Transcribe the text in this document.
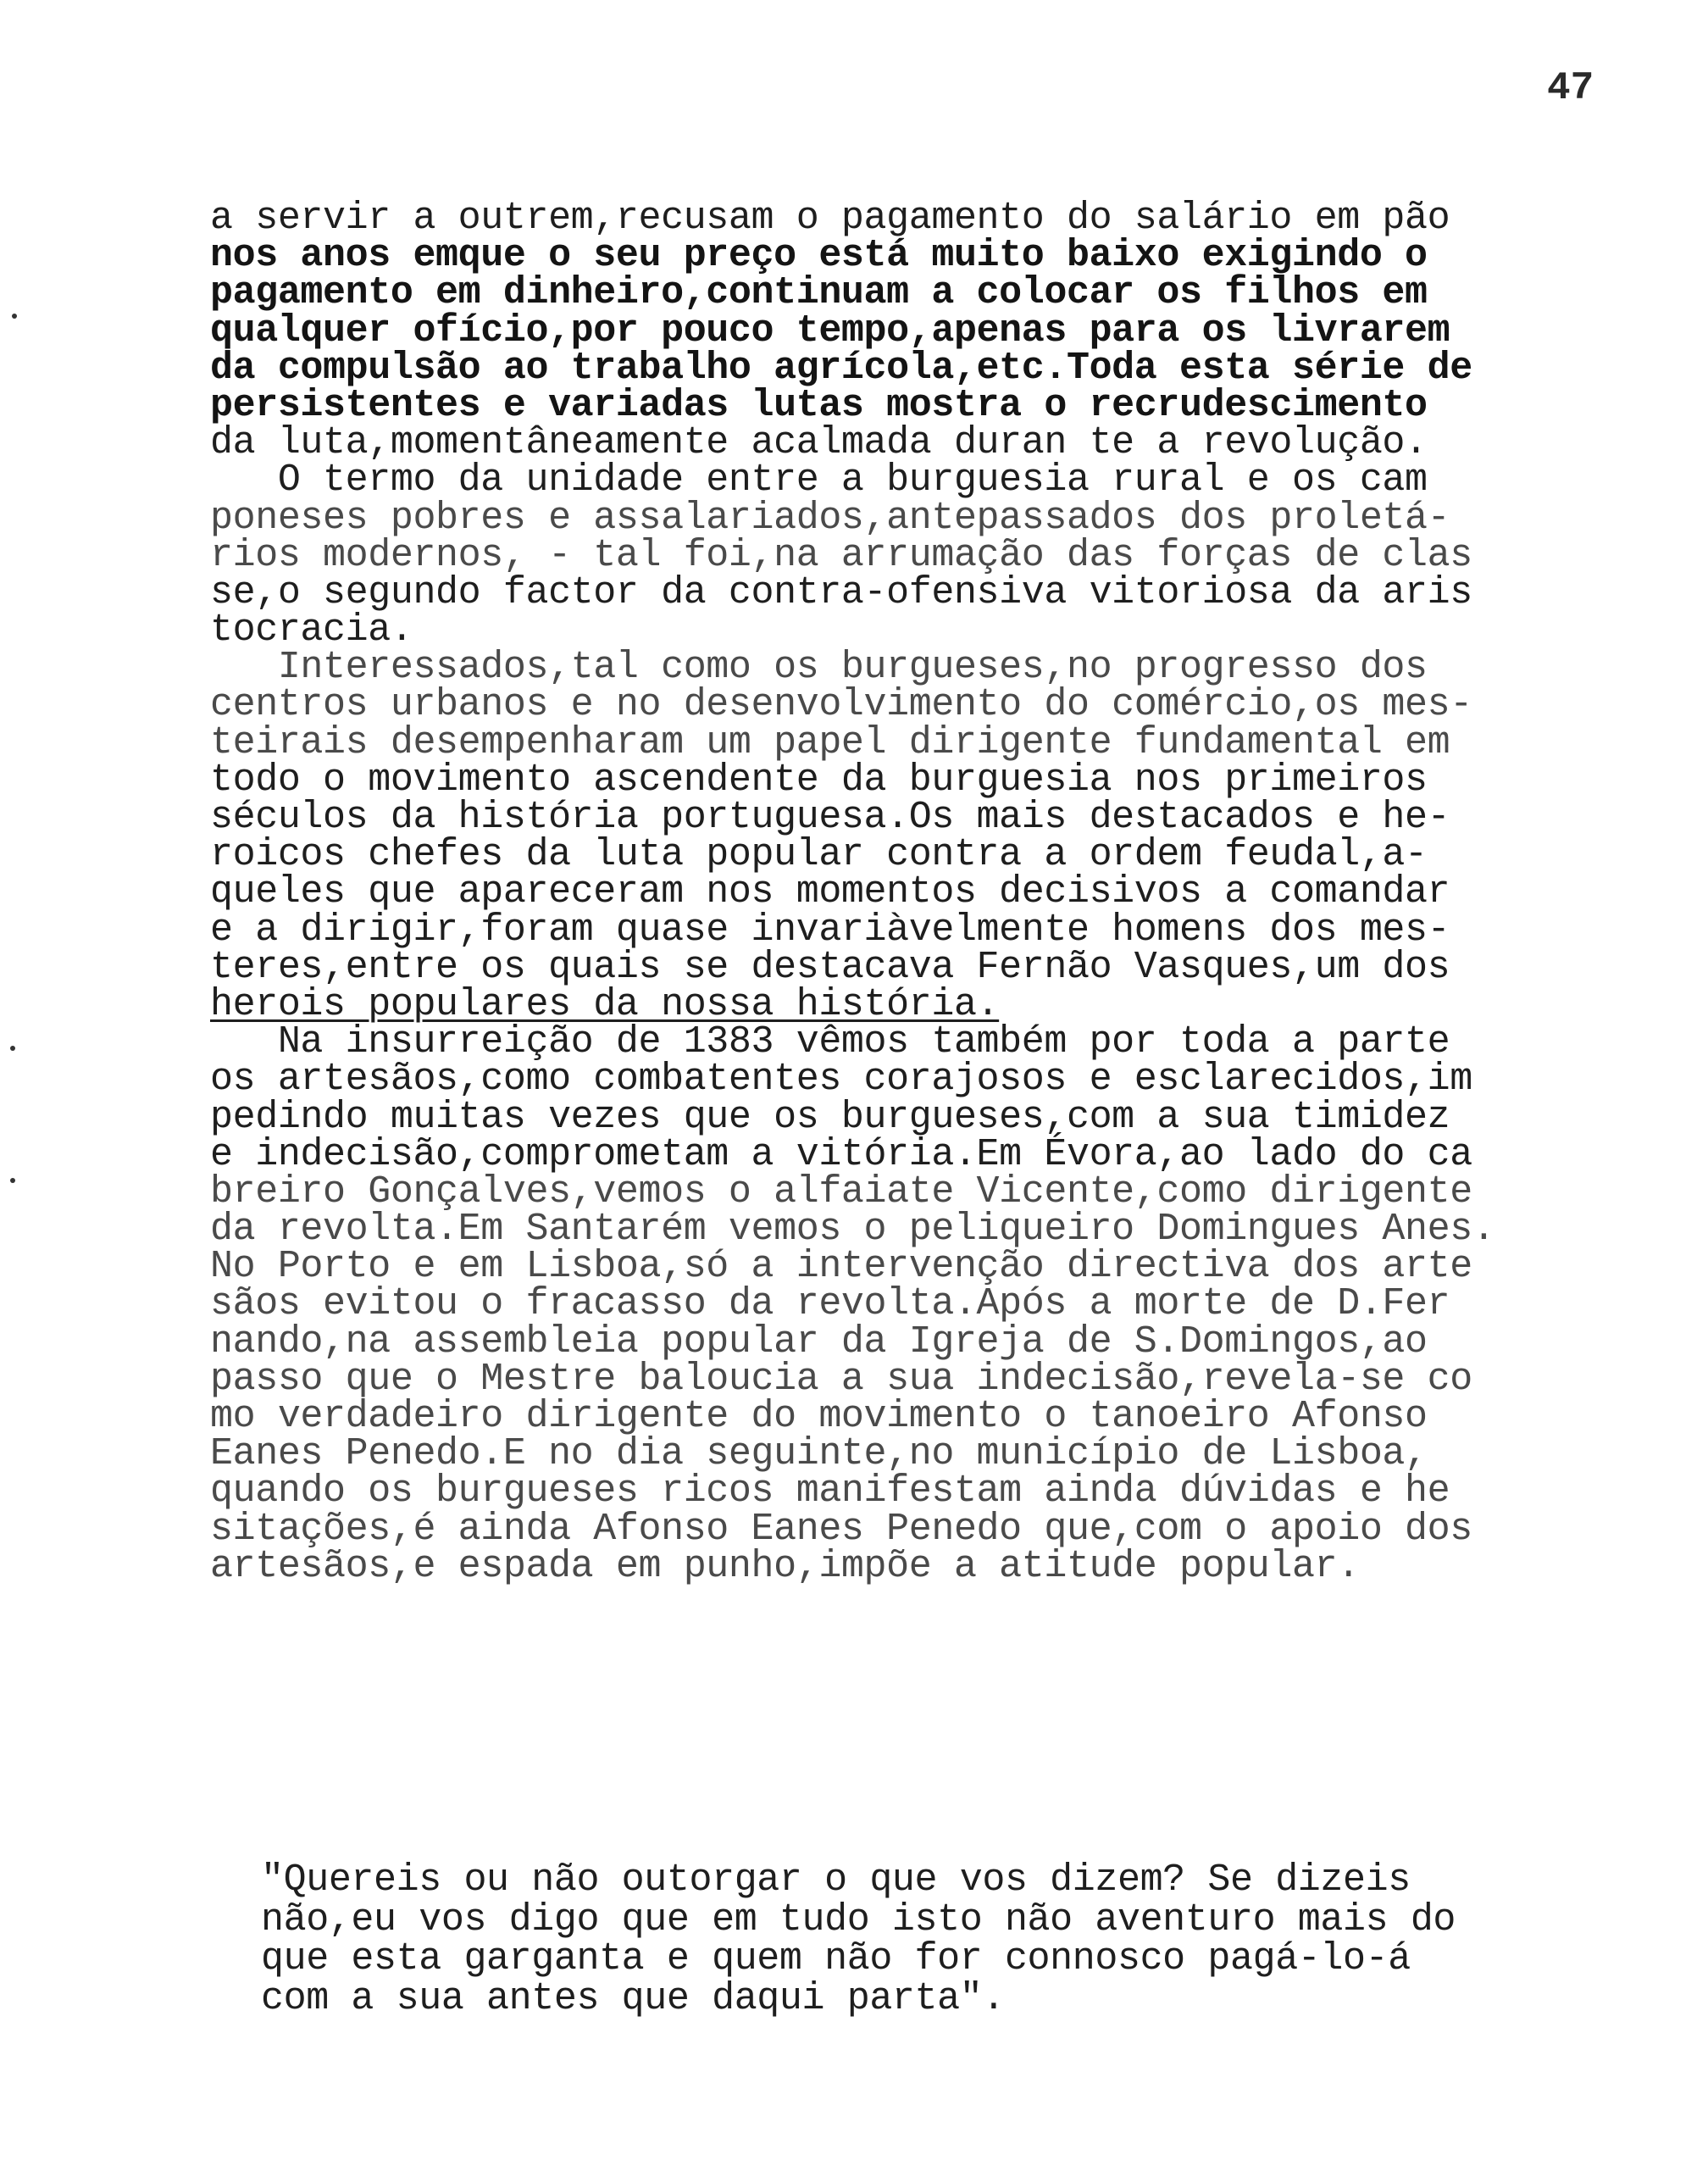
47
a servir a outrem,recusam o pagamento do salário em pão
nos anos emque o seu preço está muito baixo exigindo o
pagamento em dinheiro,continuam a colocar os filhos em
qualquer ofício,por pouco tempo,apenas para os livrarem
da compulsão ao trabalho agrícola,etc.Toda esta série de
persistentes e variadas lutas mostra o recrudescimento
da luta,momentâneamente acalmada duran te a revolução.
O termo da unidade entre a burguesia rural e os cam
poneses pobres e assalariados,antepassados dos proletá-
rios modernos, - tal foi,na arrumação das forças de clas
se,o segundo factor da contra-ofensiva vitoriosa da aris
tocracia.
Interessados,tal como os burgueses,no progresso dos
centros urbanos e no desenvolvimento do comércio,os mes-
teirais desempenharam um papel dirigente fundamental em
todo o movimento ascendente da burguesia nos primeiros
séculos da história portuguesa.Os mais destacados e he-
roicos chefes da luta popular contra a ordem feudal,a-
queles que apareceram nos momentos decisivos a comandar
e a dirigir,foram quase invariàvelmente homens dos mes-
teres,entre os quais se destacava Fernão Vasques,um dos
herois populares da nossa história.
Na insurreição de 1383 vêmos também por toda a parte
os artesãos,como combatentes corajosos e esclarecidos,im
pedindo muitas vezes que os burgueses,com a sua timidez
e indecisão,comprometam a vitória.Em Évora,ao lado do ca
breiro Gonçalves,vemos o alfaiate Vicente,como dirigente
da revolta.Em Santarém vemos o peliqueiro Domingues Anes.
No Porto e em Lisboa,só a intervenção directiva dos arte
sãos evitou o fracasso da revolta.Após a morte de D.Fer
nando,na assembleia popular da Igreja de S.Domingos,ao
passo que o Mestre baloucia a sua indecisão,revela-se co
mo verdadeiro dirigente do movimento o tanoeiro Afonso
Eanes Penedo.E no dia seguinte,no município de Lisboa,
quando os burgueses ricos manifestam ainda dúvidas e he
sitações,é ainda Afonso Eanes Penedo que,com o apoio dos
artesãos,e espada em punho,impõe a atitude popular.
"Quereis ou não outorgar o que vos dizem? Se dizeis
não,eu vos digo que em tudo isto não aventuro mais do
que esta garganta e quem não for connosco pagá-lo-á
com a sua antes que daqui parta".
